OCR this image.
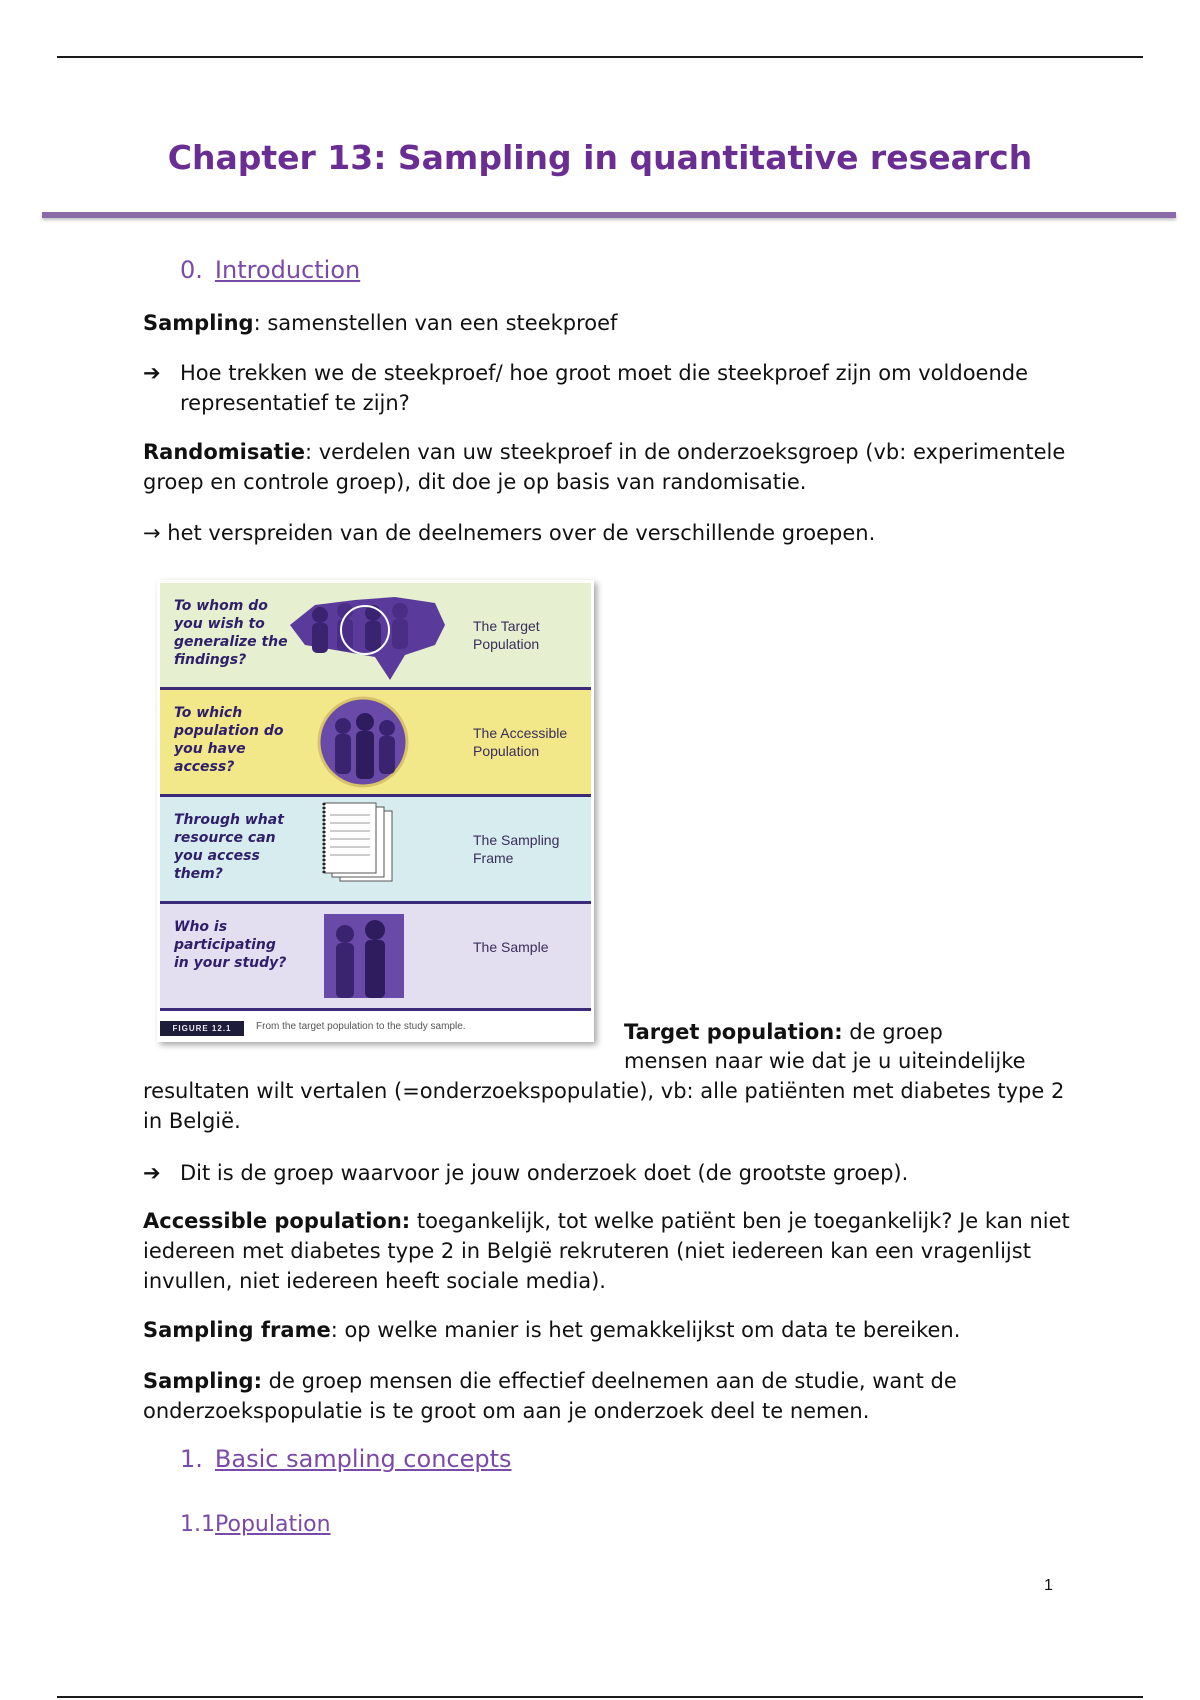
Chapter 13: Sampling in quantitative research
0. Introduction

Sampling: samenstellen van een steekproef

➔ Hoe trekken we de steekproef/ hoe groot moet die steekproef zijn om voldoende representatief te zijn?

Randomisatie: verdelen van uw steekproef in de onderzoeksgroep (vb: experimentele groep en controle groep), dit doe je op basis van randomisatie.

→ het verspreiden van de deelnemers over de verschillende groepen.

To whom do you wish to generalize the findings?
The Target Population
To which population do you have access?
The Accessible Population
Through what resource can you access them?
The Sampling Frame
Who is participating in your study?
The Sample
FIGURE 12.1	From the target population to the study sample.	Target population: de groep

mensen naar wie dat je u uiteindelijke

resultaten wilt vertalen (=onderzoekspopulatie), vb: alle patiënten met diabetes type 2 in België.

➔ Dit is de groep waarvoor je jouw onderzoek doet (de grootste groep).

Accessible population: toegankelijk, tot welke patiënt ben je toegankelijk? Je kan niet iedereen met diabetes type 2 in België rekruteren (niet iedereen kan een vragenlijst invullen, niet iedereen heeft sociale media).

Sampling frame: op welke manier is het gemakkelijkst om data te bereiken.

Sampling: de groep mensen die effectief deelnemen aan de studie, want de onderzoekspopulatie is te groot om aan je onderzoek deel te nemen.

1. Basic sampling concepts
1.1Population
1
